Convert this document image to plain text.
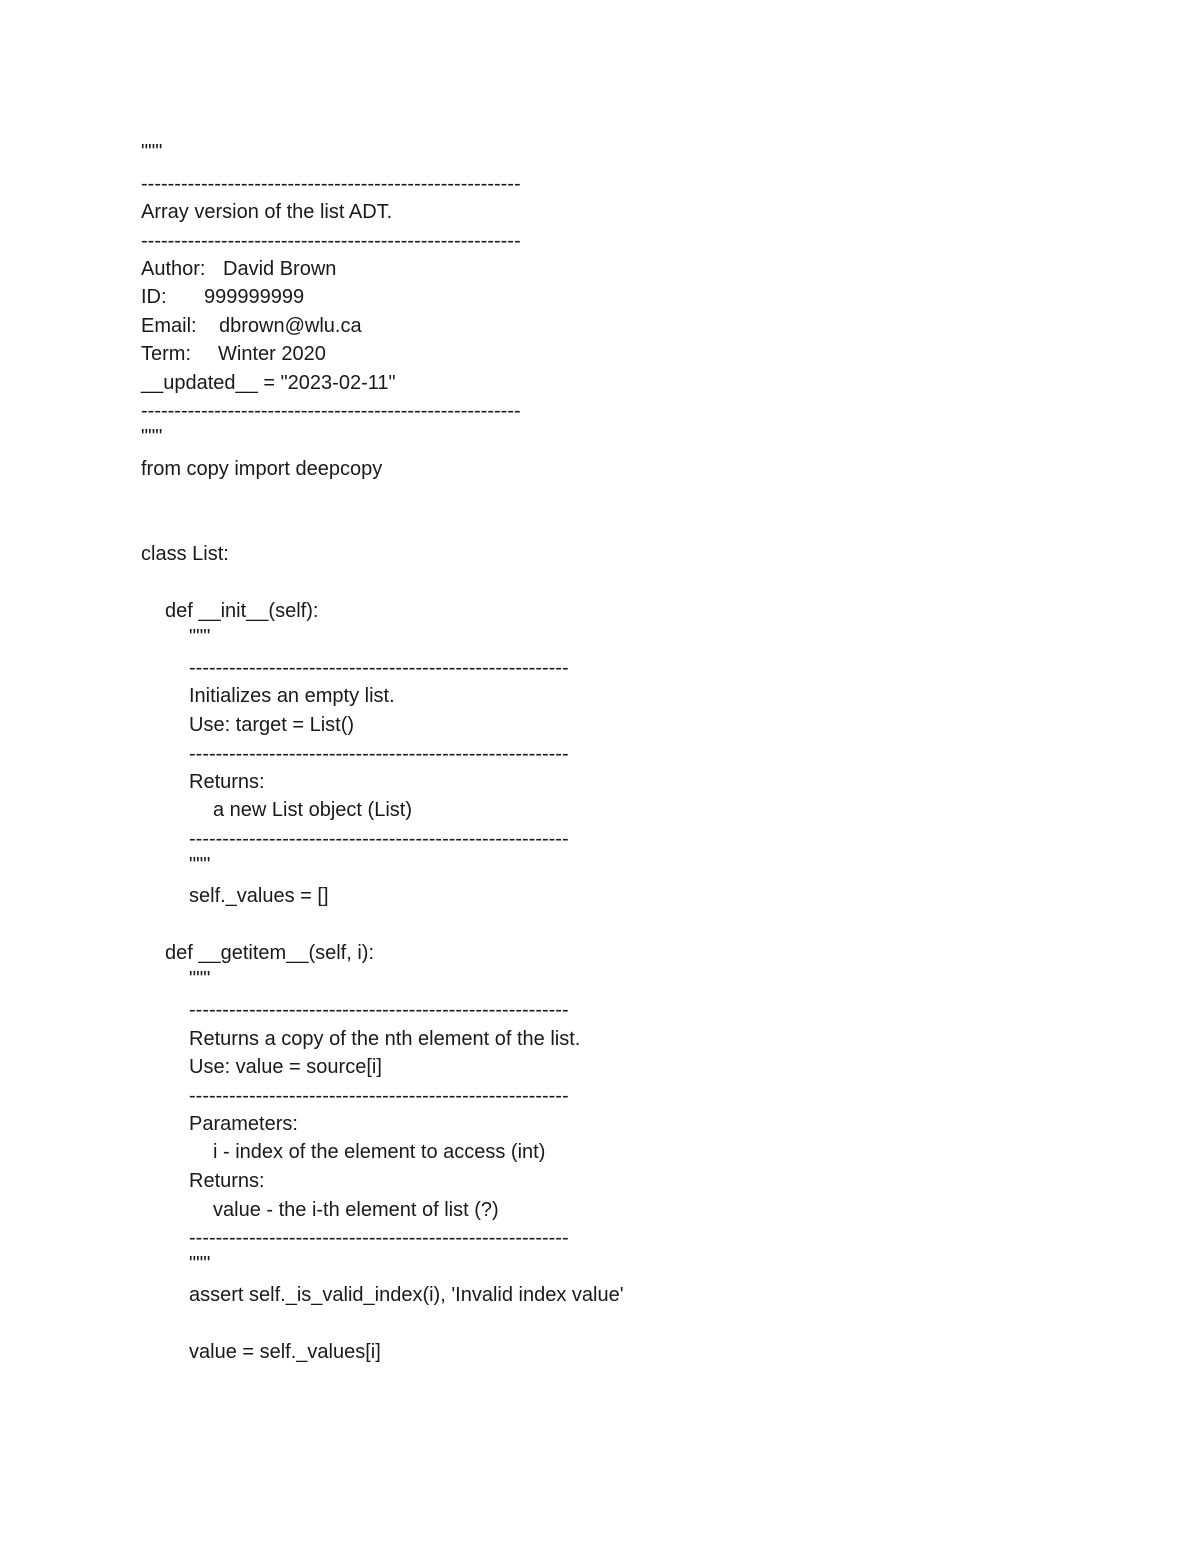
"""
---------------------------------------------------------
Array version of the list ADT.
---------------------------------------------------------
Author: David Brown
ID: 999999999
Email: dbrown@wlu.ca
Term: Winter 2020
__updated__ = "2023-02-11"
---------------------------------------------------------
"""
from copy import deepcopy
class List:
def __init__(self):
"""
---------------------------------------------------------
Initializes an empty list.
Use: target = List()
---------------------------------------------------------
Returns:
a new List object (List)
---------------------------------------------------------
"""
self._values = []
def __getitem__(self, i):
"""
---------------------------------------------------------
Returns a copy of the nth element of the list.
Use: value = source[i]
---------------------------------------------------------
Parameters:
i - index of the element to access (int)
Returns:
value - the i-th element of list (?)
---------------------------------------------------------
"""
assert self._is_valid_index(i), 'Invalid index value'
value = self._values[i]
